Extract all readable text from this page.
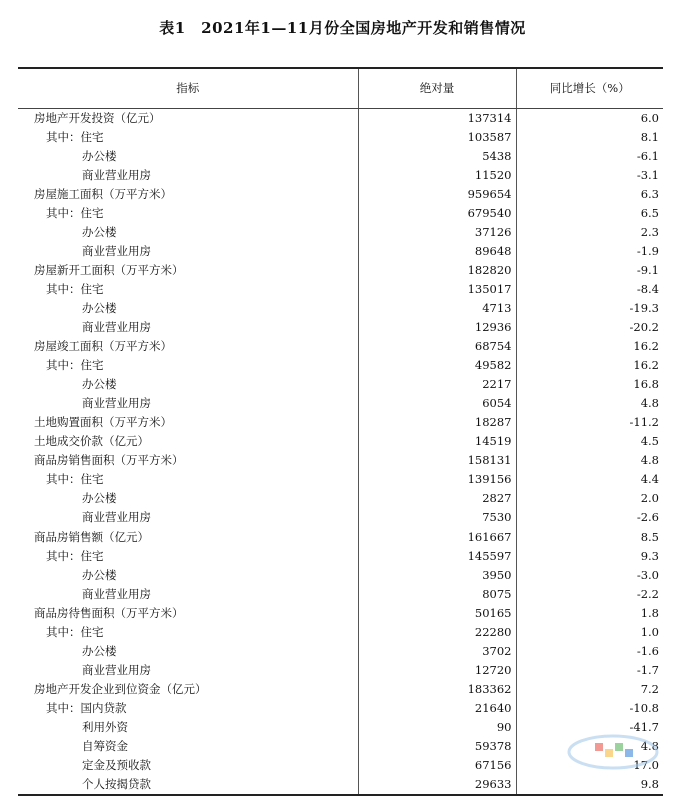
表1　2021年1—11月份全国房地产开发和销售情况
指标	绝对量	同比增长（%）
房地产开发投资（亿元）	137314	6.0
其中：住宅	103587	8.1
办公楼	5438	-6.1
商业营业用房	11520	-3.1
房屋施工面积（万平方米）	959654	6.3
其中：住宅	679540	6.5
办公楼	37126	2.3
商业营业用房	89648	-1.9
房屋新开工面积（万平方米）	182820	-9.1
其中：住宅	135017	-8.4
办公楼	4713	-19.3
商业营业用房	12936	-20.2
房屋竣工面积（万平方米）	68754	16.2
其中：住宅	49582	16.2
办公楼	2217	16.8
商业营业用房	6054	4.8
土地购置面积（万平方米）	18287	-11.2
土地成交价款（亿元）	14519	4.5
商品房销售面积（万平方米）	158131	4.8
其中：住宅	139156	4.4
办公楼	2827	2.0
商业营业用房	7530	-2.6
商品房销售额（亿元）	161667	8.5
其中：住宅	145597	9.3
办公楼	3950	-3.0
商业营业用房	8075	-2.2
商品房待售面积（万平方米）	50165	1.8
其中：住宅	22280	1.0
办公楼	3702	-1.6
商业营业用房	12720	-1.7
房地产开发企业到位资金（亿元）	183362	7.2
其中：国内贷款	21640	-10.8
利用外资	90	-41.7
自筹资金	59378	4.8
定金及预收款	67156	17.0
个人按揭贷款	29633	9.8
